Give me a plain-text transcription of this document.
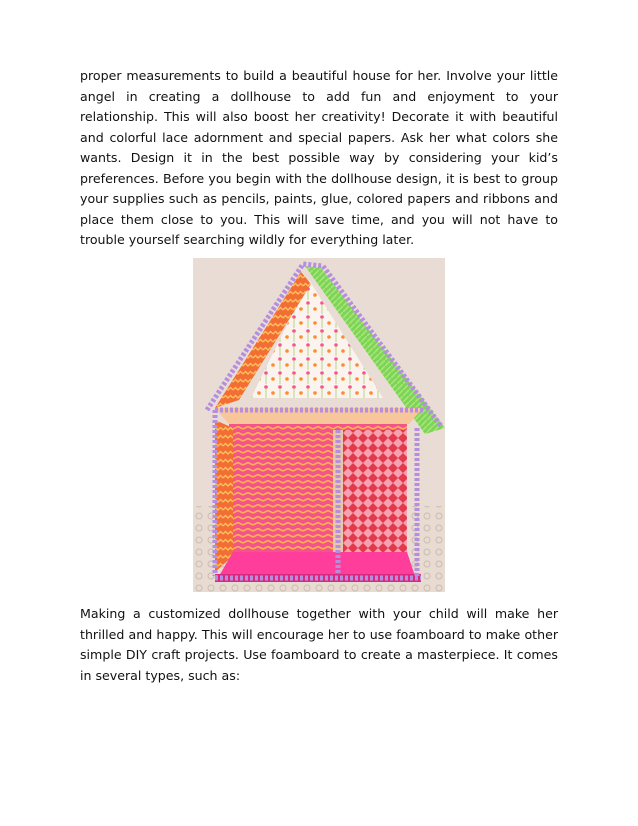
proper measurements to build a beautiful house for her. Involve your little angel in creating a dollhouse to add fun and enjoyment to your relationship. This will also boost her creativity! Decorate it with beautiful and colorful lace adornment and special papers. Ask her what colors she wants. Design it in the best possible way by considering your kid’s preferences. Before you begin with the dollhouse design, it is best to group your supplies such as pencils, paints, glue, colored papers and ribbons and place them close to you. This will save time, and you will not have to trouble yourself searching wildly for everything later.

Making a customized dollhouse together with your child will make her thrilled and happy. This will encourage her to use foamboard to make other simple DIY craft projects. Use foamboard to create a masterpiece. It comes in several types, such as:
